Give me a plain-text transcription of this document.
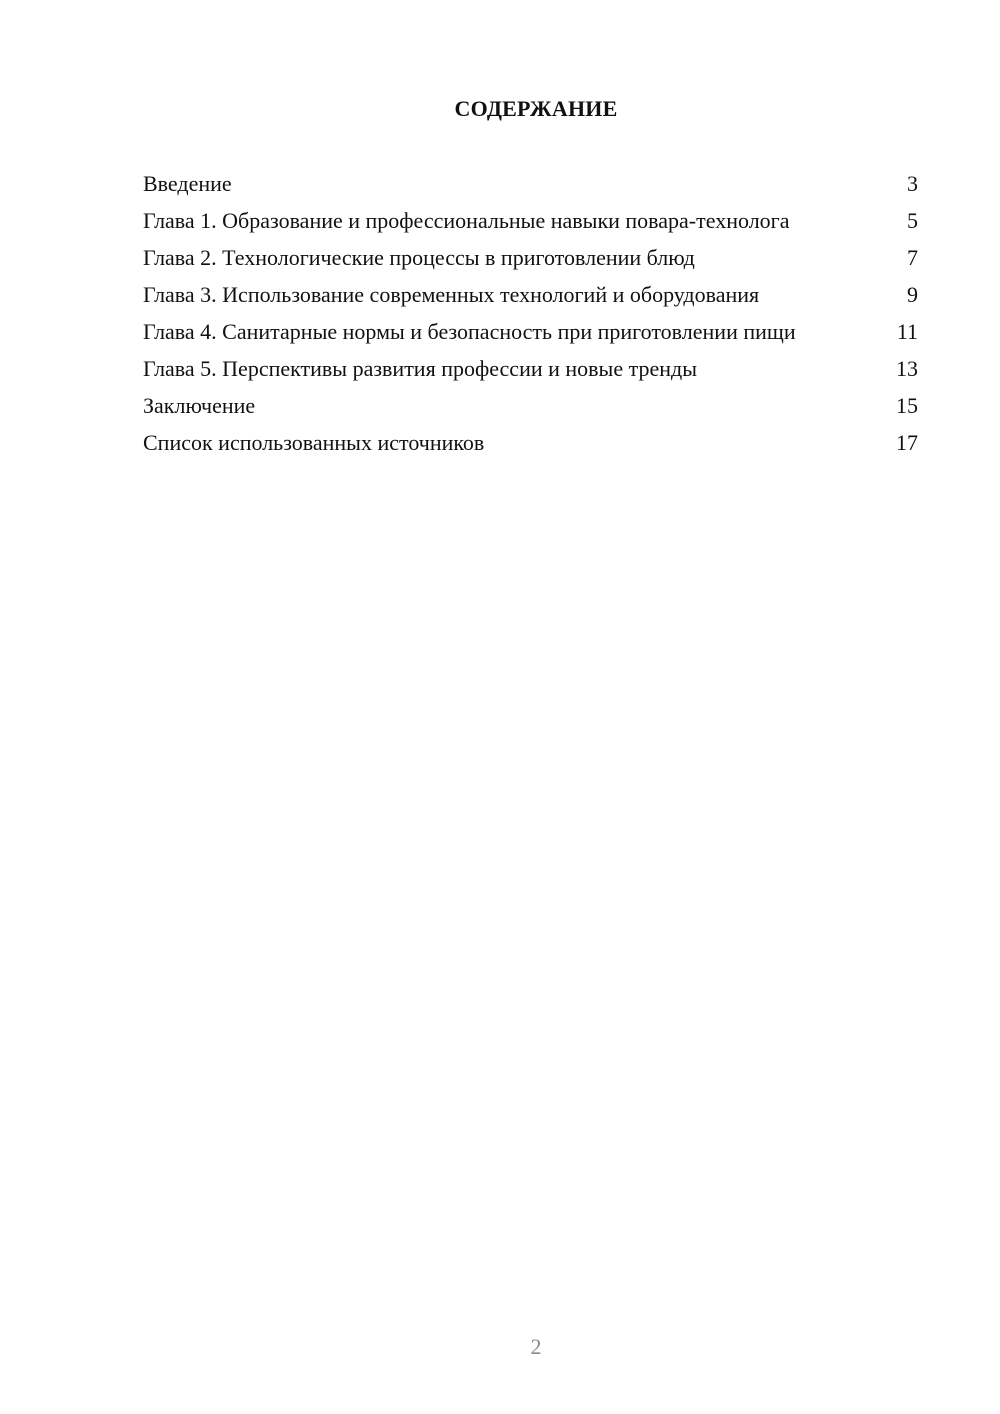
СОДЕРЖАНИЕ
Введение	3
Глава 1. Образование и профессиональные навыки повара-технолога	5
Глава 2. Технологические процессы в приготовлении блюд	7
Глава 3. Использование современных технологий и оборудования	9
Глава 4. Санитарные нормы и безопасность при приготовлении пищи	11
Глава 5. Перспективы развития профессии и новые тренды	13
Заключение	15
Список использованных источников	17
2
